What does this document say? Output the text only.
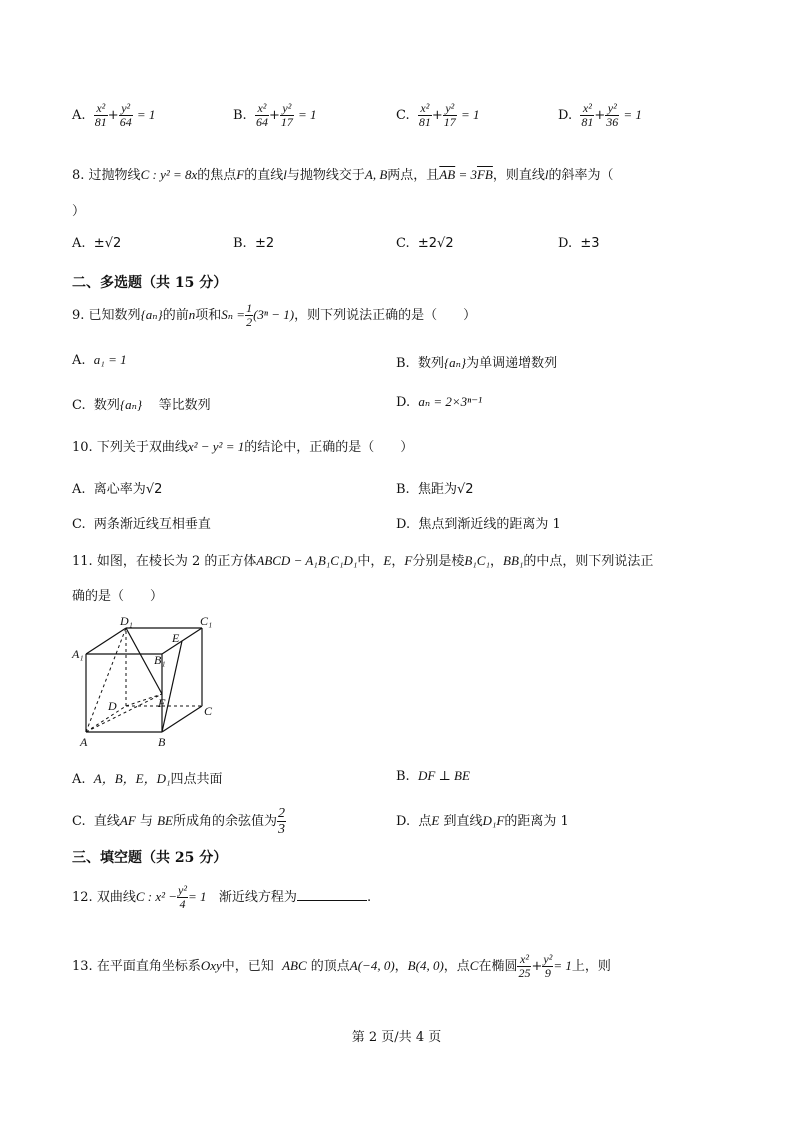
A. $\frac{\text{x²}}{81} + \frac{\text{y²}}{64} = 1$	B. $\frac{\text{x²}}{64} + \frac{\text{y²}}{17} = 1$	C. $\frac{\text{x²}}{81} + \frac{\text{y²}}{17} = 1$	D. $\frac{\text{x²}}{81} + \frac{\text{y²}}{36} = 1$
8. 过抛物线C : y² = 8x的焦点F的直线l与抛物线交于A, B两点，且$\overline{AB} = 3\overline{FB}$，则直线l的斜率为（
）
A. ±√2	B. ±2	C. ±2√2	D. ±3
二、多选题（共 15 分）
9. 已知数列{aₙ}的前n项和$S_n = \frac{1}{2} (3^n - 1)$，则下列说法正确的是（　　）
A. a₁ = 1	B. 数列{aₙ}为单调递增数列
C. 数列{aₙ} 等比数列	D. aₙ = 2×3ⁿ⁻¹
10. 下列关于双曲线x² − y² = 1的结论中，正确的是（　　）
A. 离心率为√2	B. 焦距为√2
C. 两条渐近线互相垂直	D. 焦点到渐近线的距离为 1
11. 如图，在棱长为 2 的正方体ABCD − A₁B₁C₁D₁中，E，F分别是棱B₁C₁，BB₁的中点，则下列说法正
确的是（　　）
D₁	C₁
E
A₁	B₁
D	F
C
A	B
A. A，B，E，D₁四点共面	B. DF ⊥ BE
C. 直线AF 与 BE所成角的余弦值为 $\frac{2}{3}$	D. 点E 到直线D₁F的距离为 1
三、填空题（共 25 分）
12. 双曲线C : $x^2 - \frac{\text{y²}}{4} = 1$ 渐近线方程为	.
13. 在平面直角坐标系Oxy中，已知 ABC 的顶点A(−4, 0)，B(4, 0)，点C在椭圆 $\frac{\text{x²}}{25} + \frac{\text{y²}}{9} = 1$上，则
第 2 页/共 4 页
